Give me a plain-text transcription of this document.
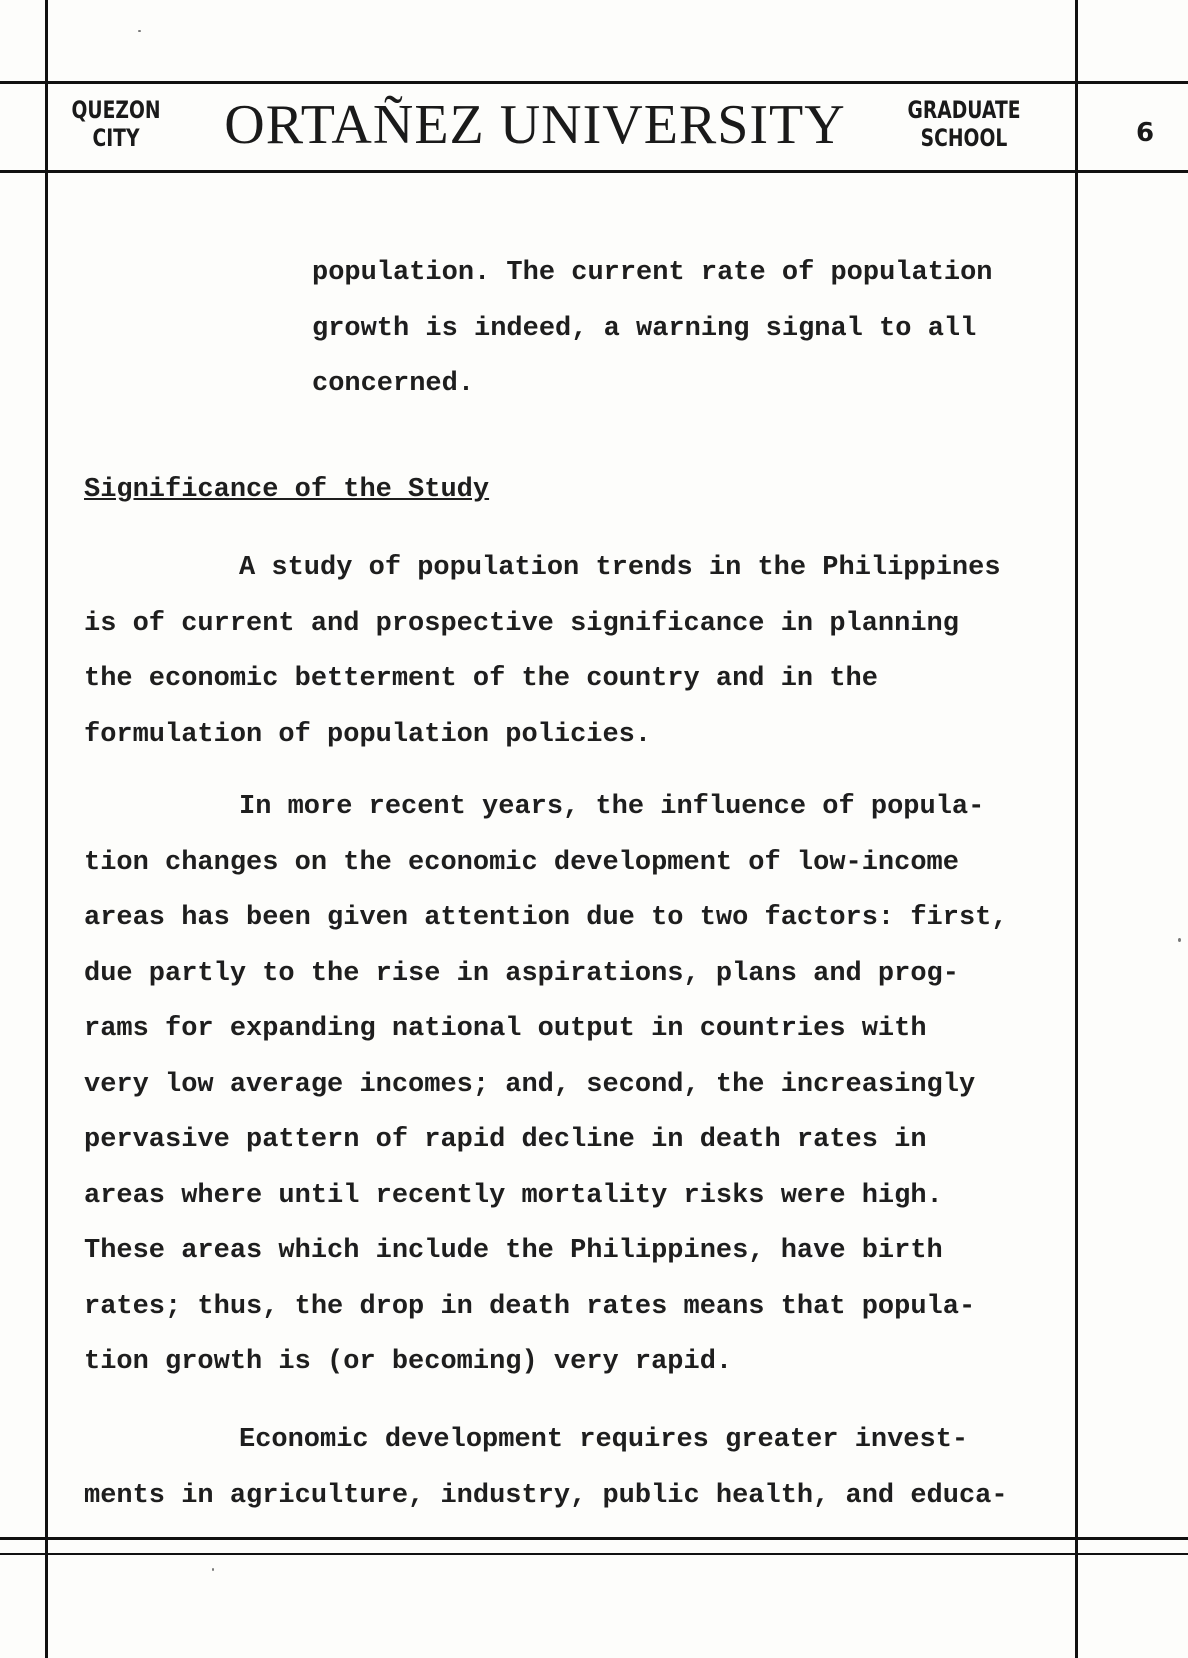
QUEZON
CITY	ORTAÑEZ UNIVERSITY	GRADUATE
SCHOOL	6
population. The current rate of population
growth is indeed, a warning signal to all
concerned.
Significance of the Study
A study of population trends in the Philippines
is of current and prospective significance in planning
the economic betterment of the country and in the
formulation of population policies.
In more recent years, the influence of popula-
tion changes on the economic development of low-income
areas has been given attention due to two factors: first,
due partly to the rise in aspirations, plans and prog-
rams for expanding national output in countries with
very low average incomes; and, second, the increasingly
pervasive pattern of rapid decline in death rates in
areas where until recently mortality risks were high.
These areas which include the Philippines, have birth
rates; thus, the drop in death rates means that popula-
tion growth is (or becoming) very rapid.
Economic development requires greater invest-
ments in agriculture, industry, public health, and educa-
